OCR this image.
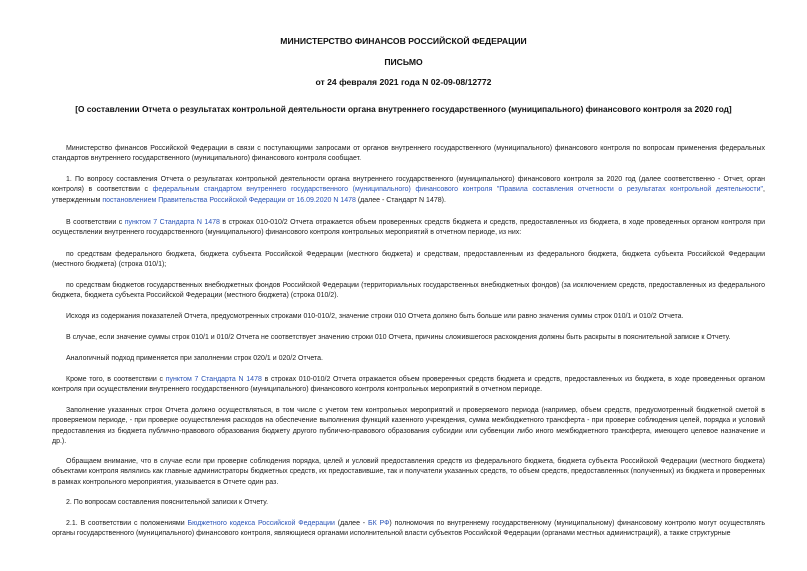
МИНИСТЕРСТВО ФИНАНСОВ РОССИЙСКОЙ ФЕДЕРАЦИИ
ПИСЬМО
от 24 февраля 2021 года N 02-09-08/12772
[О составлении Отчета о результатах контрольной деятельности органа внутреннего государственного (муниципального) финансового контроля за 2020 год]
Министерство финансов Российской Федерации в связи с поступающими запросами от органов внутреннего государственного (муниципального) финансового контроля по вопросам применения федеральных стандартов внутреннего государственного (муниципального) финансового контроля сообщает.
1. По вопросу составления Отчета о результатах контрольной деятельности органа внутреннего государственного (муниципального) финансового контроля за 2020 год (далее соответственно - Отчет, орган контроля) в соответствии с федеральным стандартом внутреннего государственного (муниципального) финансового контроля "Правила составления отчетности о результатах контрольной деятельности", утвержденным постановлением Правительства Российской Федерации от 16.09.2020 N 1478 (далее - Стандарт N 1478).
В соответствии с пунктом 7 Стандарта N 1478 в строках 010-010/2 Отчета отражается объем проверенных средств бюджета и средств, предоставленных из бюджета, в ходе проведенных органом контроля при осуществлении внутреннего государственного (муниципального) финансового контроля контрольных мероприятий в отчетном периоде, из них:
по средствам федерального бюджета, бюджета субъекта Российской Федерации (местного бюджета) и средствам, предоставленным из федерального бюджета, бюджета субъекта Российской Федерации (местного бюджета) (строка 010/1);
по средствам бюджетов государственных внебюджетных фондов Российской Федерации (территориальных государственных внебюджетных фондов) (за исключением средств, предоставленных из федерального бюджета, бюджета субъекта Российской Федерации (местного бюджета) (строка 010/2).
Исходя из содержания показателей Отчета, предусмотренных строками 010-010/2, значение строки 010 Отчета должно быть больше или равно значения суммы строк 010/1 и 010/2 Отчета.
В случае, если значение суммы строк 010/1 и 010/2 Отчета не соответствует значению строки 010 Отчета, причины сложившегося расхождения должны быть раскрыты в пояснительной записке к Отчету.
Аналогичный подход применяется при заполнении строк 020/1 и 020/2 Отчета.
Кроме того, в соответствии с пунктом 7 Стандарта N 1478 в строках 010-010/2 Отчета отражается объем проверенных средств бюджета и средств, предоставленных из бюджета, в ходе проведенных органом контроля при осуществлении внутреннего государственного (муниципального) финансового контроля контрольных мероприятий в отчетном периоде.
Заполнение указанных строк Отчета должно осуществляться, в том числе с учетом тем контрольных мероприятий и проверяемого периода (например, объем средств, предусмотренный бюджетной сметой в проверяемом периоде, - при проверке осуществления расходов на обеспечение выполнения функций казенного учреждения, сумма межбюджетного трансферта - при проверке соблюдения целей, порядка и условий предоставления из бюджета публично-правового образования бюджету другого публично-правового образования субсидии или субвенции либо иного межбюджетного трансферта, имеющего целевое назначение и др.).
Обращаем внимание, что в случае если при проверке соблюдения порядка, целей и условий предоставления средств из федерального бюджета, бюджета субъекта Российской Федерации (местного бюджета) объектами контроля являлись как главные администраторы бюджетных средств, их предоставившие, так и получатели указанных средств, то объем средств, предоставленных (полученных) из бюджета и проверенных в рамках контрольного мероприятия, указывается в Отчете один раз.
2. По вопросам составления пояснительной записки к Отчету.
2.1. В соответствии с положениями Бюджетного кодекса Российской Федерации (далее - БК РФ) полномочия по внутреннему государственному (муниципальному) финансовому контролю могут осуществлять органы государственного (муниципального) финансового контроля, являющиеся органами исполнительной власти субъектов Российской Федерации (органами местных администраций), а также структурные
